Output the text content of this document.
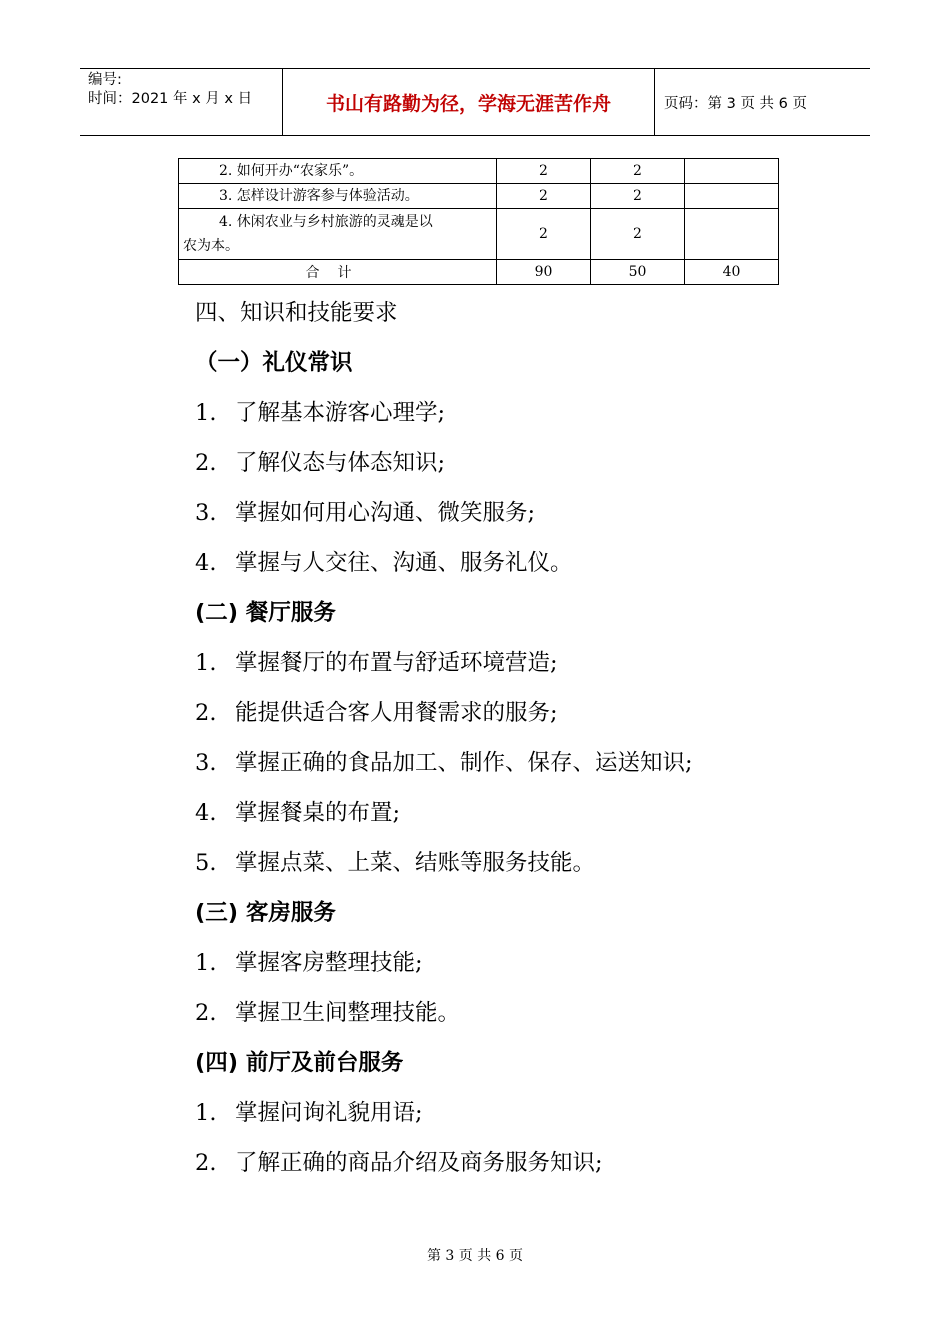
编号:
时间：2021 年 x 月 x 日	书山有路勤为径，学海无涯苦作舟	页码：第 3 页 共 6 页
2. 如何开办“农家乐”。	2	2	

3. 怎样设计游客参与体验活动。	2	2	

4. 休闲农业与乡村旅游的灵魂是以
农为本。	2	2	
合计	90	50	40
四、知识和技能要求
（一）礼仪常识
1. 了解基本游客心理学;
2. 了解仪态与体态知识;
3. 掌握如何用心沟通、微笑服务;
4. 掌握与人交往、沟通、服务礼仪。
(二) 餐厅服务
1. 掌握餐厅的布置与舒适环境营造;
2. 能提供适合客人用餐需求的服务;
3. 掌握正确的食品加工、制作、保存、运送知识;
4. 掌握餐桌的布置;
5. 掌握点菜、上菜、结账等服务技能。
(三) 客房服务
1. 掌握客房整理技能;
2. 掌握卫生间整理技能。
(四) 前厅及前台服务
1. 掌握问询礼貌用语;
2. 了解正确的商品介绍及商务服务知识;
第 3 页 共 6 页
